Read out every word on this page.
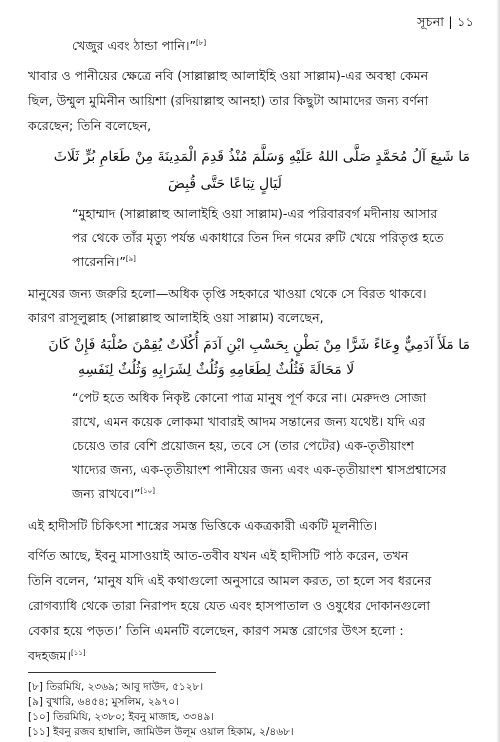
সূচনা | ১১

খেজুর এবং ঠান্ডা পানি।”[৮]

খাবার ও পানীয়ের ক্ষেত্রে নবি (সাল্লাল্লাহু আলাইহি ওয়া সাল্লাম)-এর অবস্থা কেমন

ছিল, উম্মুল মুমিনীন আয়িশা (রদিয়াল্লাহু আনহা) তার কিছুটা আমাদের জন্য বর্ণনা

করেছেন; তিনি বলেছেন,

مَا شَبِعَ آلُ مُحَمَّدٍ صَلَّى اللهُ عَلَيْهِ وَسَلَّمَ مُنْذُ قَدِمَ الْمَدِينَةَ مِنْ طَعَامِ بُرٍّ ثَلَاثَ

لَيَالٍ تِبَاعًا حَتَّى قُبِضَ

“মুহাম্মাদ (সাল্লাল্লাহু আলাইহি ওয়া সাল্লাম)-এর পরিবারবর্গ মদীনায় আসার

পর থেকে তাঁর মৃত্যু পর্যন্ত একাধারে তিন দিন গমের রুটি খেয়ে পরিতৃপ্ত হতে

পারেননি।”[৯]

মানুষের জন্য জরুরি হলো—অধিক তৃপ্তি সহকারে খাওয়া থেকে সে বিরত থাকবে।

কারণ রাসূলুল্লাহ (সাল্লাল্লাহু আলাইহি ওয়া সাল্লাম) বলেছেন,

مَا مَلَأَ آدَمِيٌّ وِعَاءً شَرًّا مِنْ بَطْنٍ بِحَسْبِ ابْنِ آدَمَ أُكُلَاتٌ يُقِمْنَ صُلْبَهُ فَإِنْ كَانَ

لَا مَحَالَةَ فَثُلُثٌ لِطَعَامِهِ وَثُلُثٌ لِشَرَابِهِ وَثُلُثٌ لِنَفَسِهِ

“পেট হতে অধিক নিকৃষ্ট কোনো পাত্র মানুষ পূর্ণ করে না। মেরুদণ্ড সোজা

রাখে, এমন কয়েক লোকমা খাবারই আদম সন্তানের জন্য যথেষ্ট। যদি এর

চেয়েও তার বেশি প্রয়োজন হয়, তবে সে (তার পেটের) এক-তৃতীয়াংশ

খাদ্যের জন্য, এক-তৃতীয়াংশ পানীয়ের জন্য এবং এক-তৃতীয়াংশ শ্বাসপ্রশ্বাসের

জন্য রাখবে।”[১০]

এই হাদীসটি চিকিৎসা শাস্ত্রের সমস্ত ভিত্তিকে একত্রকারী একটি মূলনীতি।

বর্ণিত আছে, ইবনু মাসাওয়াই আত-তবীব যখন এই হাদীসটি পাঠ করেন, তখন

তিনি বলেন, ‘মানুষ যদি এই কথাগুলো অনুসারে আমল করত, তা হলে সব ধরনের

রোগব্যাধি থেকে তারা নিরাপদ হয়ে যেত এবং হাসপাতাল ও ওষুধের দোকানগুলো

বেকার হয়ে পড়ত।’ তিনি এমনটি বলেছেন, কারণ সমস্ত রোগের উৎস হলো :

বদহজম।[১১]

[৮] তিরমিযি, ২৩৬৯; আবু দাউদ, ৫১২৮।

[৯] বুখারি, ৬৪৫৪; মুসলিম, ২৯৭০।

[১০] তিরমিযি, ২৩৮০; ইবনু মাজাহ, ৩৩৪৯।

[১১] ইবনু রজব হাম্বালি, জামিউল উলূম ওয়াল হিকাম, ২/৪৬৮।
